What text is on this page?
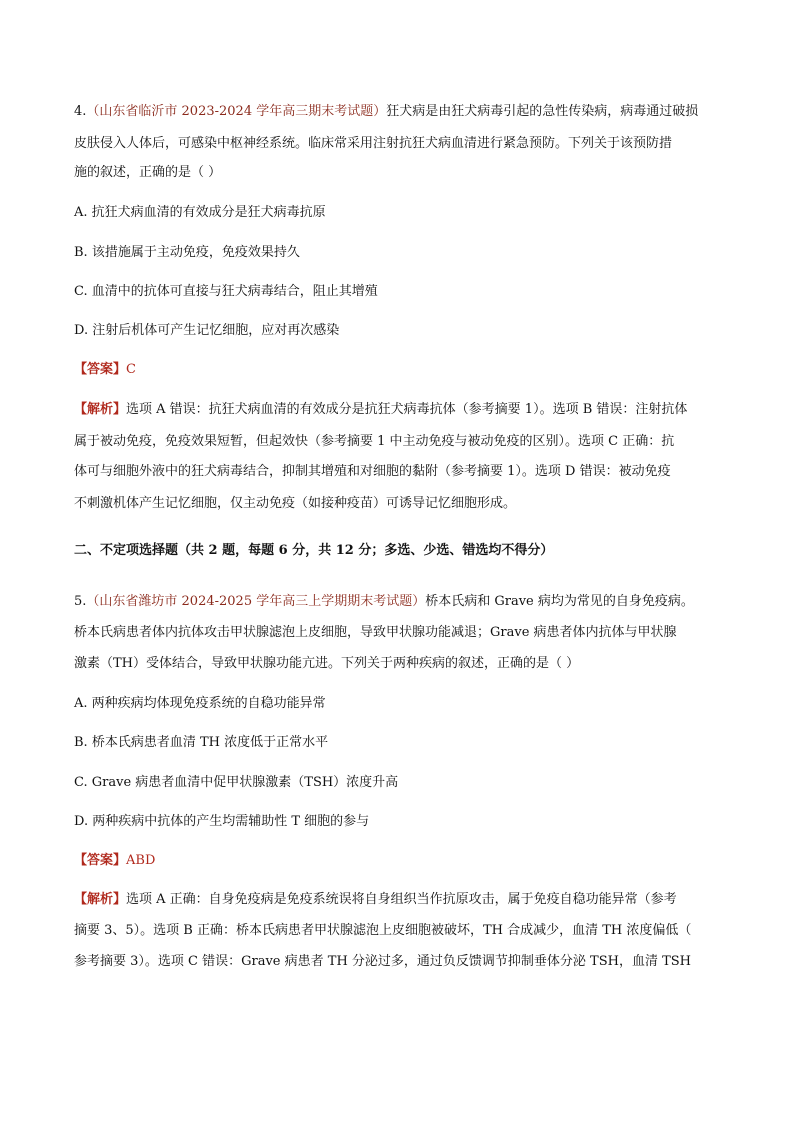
4.（山东省临沂市 2023-2024 学年高三期末考试题）狂犬病是由狂犬病毒引起的急性传染病，病毒通过破损
皮肤侵入人体后，可感染中枢神经系统。临床常采用注射抗狂犬病血清进行紧急预防。下列关于该预防措
施的叙述，正确的是（ ）
A. 抗狂犬病血清的有效成分是狂犬病毒抗原
B. 该措施属于主动免疫，免疫效果持久
C. 血清中的抗体可直接与狂犬病毒结合，阻止其增殖
D. 注射后机体可产生记忆细胞，应对再次感染
【答案】C
【解析】选项 A 错误：抗狂犬病血清的有效成分是抗狂犬病毒抗体（参考摘要 1）。选项 B 错误：注射抗体
属于被动免疫，免疫效果短暂，但起效快（参考摘要 1 中主动免疫与被动免疫的区别）。选项 C 正确：抗
体可与细胞外液中的狂犬病毒结合，抑制其增殖和对细胞的黏附（参考摘要 1）。选项 D 错误：被动免疫
不刺激机体产生记忆细胞，仅主动免疫（如接种疫苗）可诱导记忆细胞形成。
二、不定项选择题（共 2 题，每题 6 分，共 12 分；多选、少选、错选均不得分）
5.（山东省潍坊市 2024-2025 学年高三上学期期末考试题）桥本氏病和 Grave 病均为常见的自身免疫病。
桥本氏病患者体内抗体攻击甲状腺滤泡上皮细胞，导致甲状腺功能减退；Grave 病患者体内抗体与甲状腺
激素（TH）受体结合，导致甲状腺功能亢进。下列关于两种疾病的叙述，正确的是（ ）
A. 两种疾病均体现免疫系统的自稳功能异常
B. 桥本氏病患者血清 TH 浓度低于正常水平
C. Grave 病患者血清中促甲状腺激素（TSH）浓度升高
D. 两种疾病中抗体的产生均需辅助性 T 细胞的参与
【答案】ABD
【解析】选项 A 正确：自身免疫病是免疫系统误将自身组织当作抗原攻击，属于免疫自稳功能异常（参考
摘要 3、5）。选项 B 正确：桥本氏病患者甲状腺滤泡上皮细胞被破坏，TH 合成减少，血清 TH 浓度偏低（
参考摘要 3）。选项 C 错误：Grave 病患者 TH 分泌过多，通过负反馈调节抑制垂体分泌 TSH，血清 TSH
